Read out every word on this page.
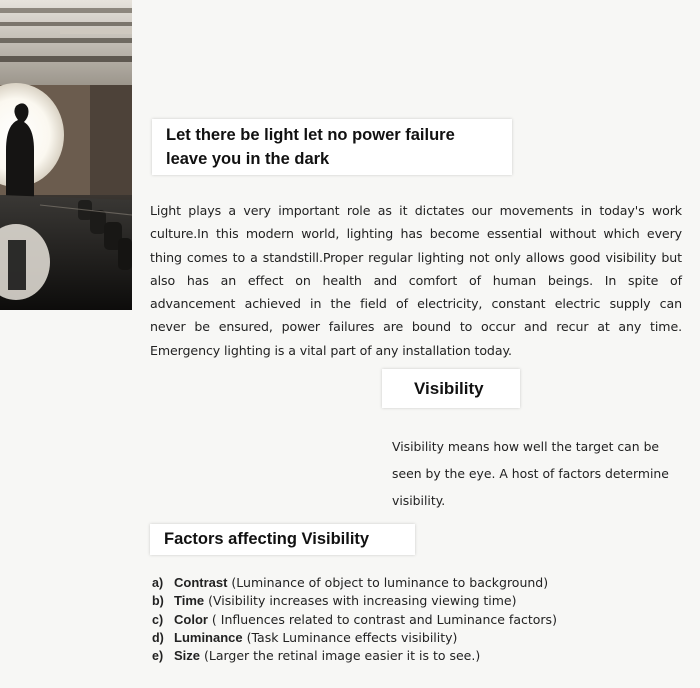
Let there be light let no power failure
leave you in the dark
Light plays a very important role as it dictates our movements in today's work
culture.In this modern world, lighting has become essential without which every
thing comes to a standstill.Proper regular lighting not only allows good visibility but
also has an effect on health and comfort of human beings. In spite of
advancement achieved in the field of electricity, constant electric supply can
never be ensured, power failures are bound to occur and recur at any time.
Emergency lighting is a vital part of any installation today.
Visibility
Visibility means how well the target can be
seen by the eye. A host of factors determine
visibility.
Factors affecting Visibility
a) Contrast (Luminance of object to luminance to background)
b) Time (Visibility increases with increasing viewing time)
c) Color ( Influences related to contrast and Luminance factors)
d) Luminance (Task Luminance effects visibility)
e) Size (Larger the retinal image easier it is to see.)
